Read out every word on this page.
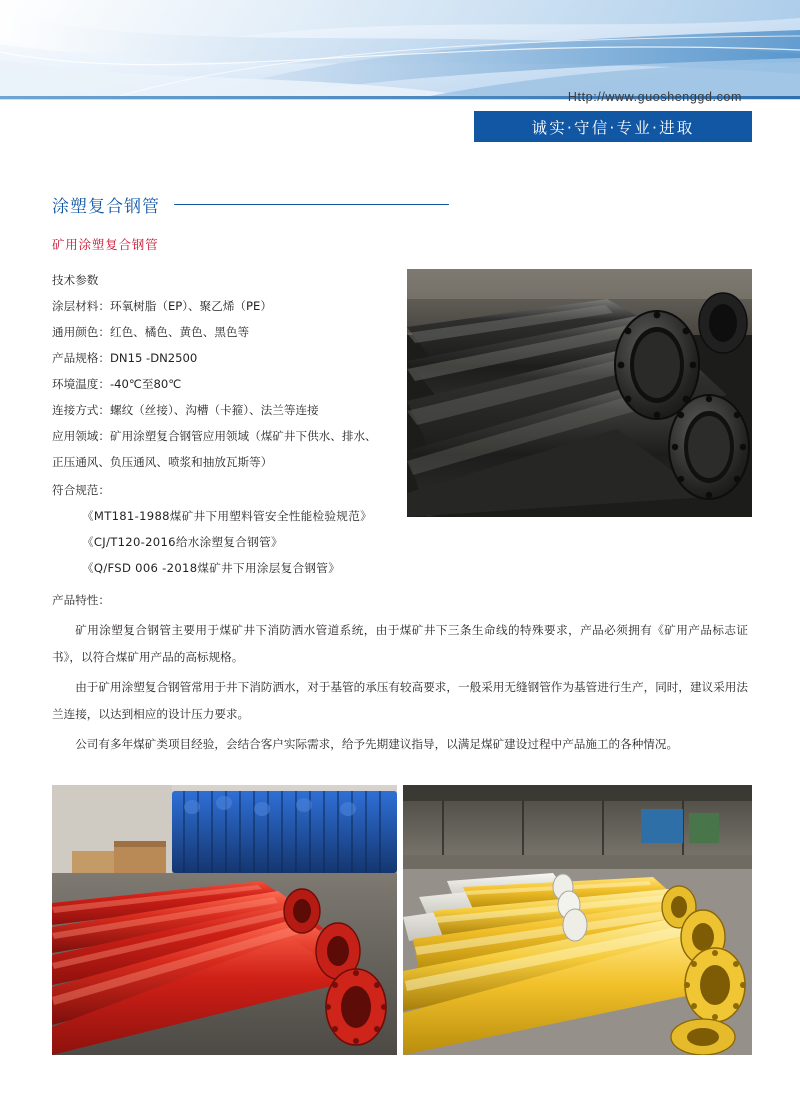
Http://www.guoshenggd.com
诚实·守信·专业·进取
涂塑复合钢管
矿用涂塑复合钢管
技术参数
涂层材料：环氧树脂（EP）、聚乙烯（PE）
通用颜色：红色、橘色、黄色、黑色等
产品规格：DN15 -DN2500
环境温度：-40℃至80℃
连接方式：螺纹（丝接）、沟槽（卡箍）、法兰等连接
应用领域：矿用涂塑复合钢管应用领域（煤矿井下供水、排水、
正压通风、负压通风、喷浆和抽放瓦斯等）
符合规范：
《MT181-1988煤矿井下用塑料管安全性能检验规范》
《CJ/T120-2016给水涂塑复合钢管》
《Q/FSD 006 -2018煤矿井下用涂层复合钢管》

产品特性：

矿用涂塑复合钢管主要用于煤矿井下消防洒水管道系统，由于煤矿井下三条生命线的特殊要求，产品必须拥有《矿用产品标志证书》，以符合煤矿用产品的高标规格。

由于矿用涂塑复合钢管常用于井下消防洒水，对于基管的承压有较高要求，一般采用无缝钢管作为基管进行生产，同时，建议采用法兰连接，以达到相应的设计压力要求。

公司有多年煤矿类项目经验，会结合客户实际需求，给予先期建议指导，以满足煤矿建设过程中产品施工的各种情况。
